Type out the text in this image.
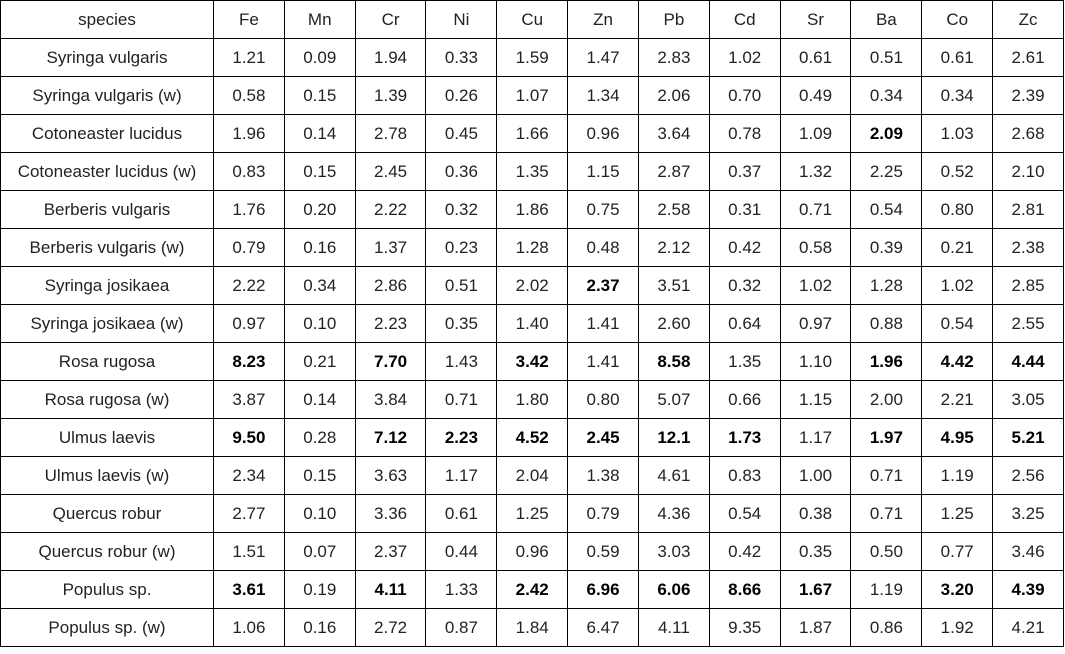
species	Fe	Mn	Cr	Ni	Cu	Zn	Pb	Cd	Sr	Ba	Co	Zc
Syringa vulgaris	1.21	0.09	1.94	0.33	1.59	1.47	2.83	1.02	0.61	0.51	0.61	2.61
Syringa vulgaris (w)	0.58	0.15	1.39	0.26	1.07	1.34	2.06	0.70	0.49	0.34	0.34	2.39
Cotoneaster lucidus	1.96	0.14	2.78	0.45	1.66	0.96	3.64	0.78	1.09	2.09	1.03	2.68
Cotoneaster lucidus (w)	0.83	0.15	2.45	0.36	1.35	1.15	2.87	0.37	1.32	2.25	0.52	2.10
Berberis vulgaris	1.76	0.20	2.22	0.32	1.86	0.75	2.58	0.31	0.71	0.54	0.80	2.81
Berberis vulgaris (w)	0.79	0.16	1.37	0.23	1.28	0.48	2.12	0.42	0.58	0.39	0.21	2.38
Syringa josikaea	2.22	0.34	2.86	0.51	2.02	2.37	3.51	0.32	1.02	1.28	1.02	2.85
Syringa josikaea (w)	0.97	0.10	2.23	0.35	1.40	1.41	2.60	0.64	0.97	0.88	0.54	2.55
Rosa rugosa	8.23	0.21	7.70	1.43	3.42	1.41	8.58	1.35	1.10	1.96	4.42	4.44
Rosa rugosa (w)	3.87	0.14	3.84	0.71	1.80	0.80	5.07	0.66	1.15	2.00	2.21	3.05
Ulmus laevis	9.50	0.28	7.12	2.23	4.52	2.45	12.1	1.73	1.17	1.97	4.95	5.21
Ulmus laevis (w)	2.34	0.15	3.63	1.17	2.04	1.38	4.61	0.83	1.00	0.71	1.19	2.56
Quercus robur	2.77	0.10	3.36	0.61	1.25	0.79	4.36	0.54	0.38	0.71	1.25	3.25
Quercus robur (w)	1.51	0.07	2.37	0.44	0.96	0.59	3.03	0.42	0.35	0.50	0.77	3.46
Populus sp.	3.61	0.19	4.11	1.33	2.42	6.96	6.06	8.66	1.67	1.19	3.20	4.39
Populus sp. (w)	1.06	0.16	2.72	0.87	1.84	6.47	4.11	9.35	1.87	0.86	1.92	4.21
